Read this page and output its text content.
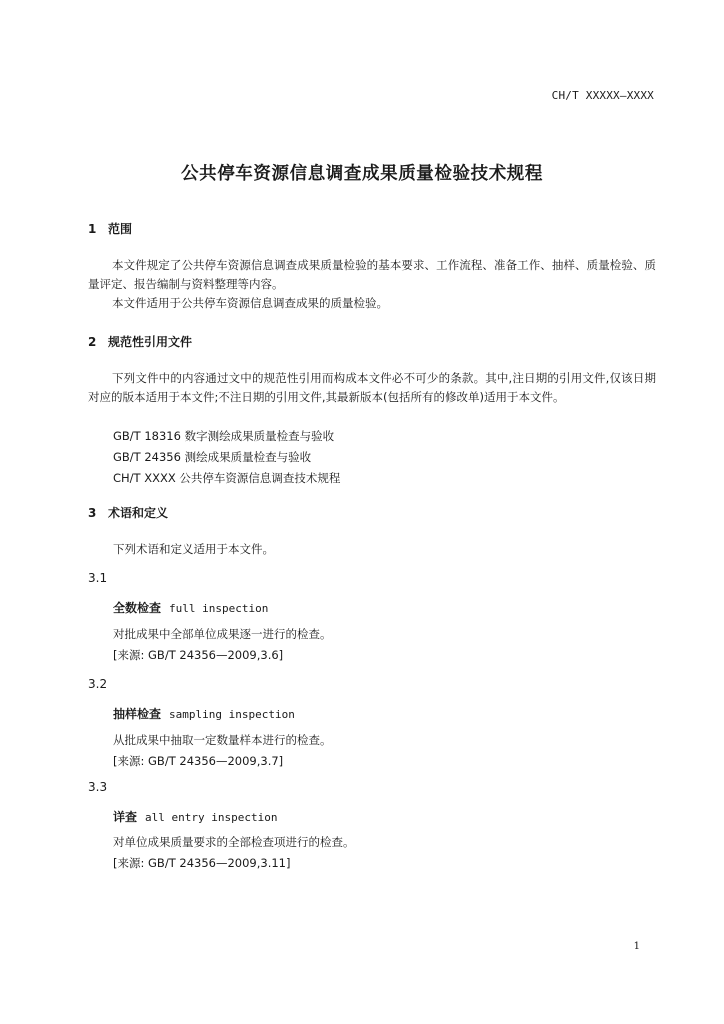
CH/T XXXXX—XXXX
公共停车资源信息调查成果质量检验技术规程
1 范围

本文件规定了公共停车资源信息调查成果质量检验的基本要求、工作流程、准备工作、抽样、质量检验、质量评定、报告编制与资料整理等内容。

本文件适用于公共停车资源信息调查成果的质量检验。

2 规范性引用文件

下列文件中的内容通过文中的规范性引用而构成本文件必不可少的条款。其中,注日期的引用文件,仅该日期对应的版本适用于本文件;不注日期的引用文件,其最新版本(包括所有的修改单)适用于本文件。

GB/T 18316 数字测绘成果质量检查与验收
GB/T 24356 测绘成果质量检查与验收
CH/T XXXX 公共停车资源信息调查技术规程
3 术语和定义
下列术语和定义适用于本文件。
3.1
全数检查 full inspection
对批成果中全部单位成果逐一进行的检查。
[来源: GB/T 24356—2009,3.6]
3.2
抽样检查 sampling inspection
从批成果中抽取一定数量样本进行的检查。
[来源: GB/T 24356—2009,3.7]
3.3
详查 all entry inspection
对单位成果质量要求的全部检查项进行的检查。
[来源: GB/T 24356—2009,3.11]
1
